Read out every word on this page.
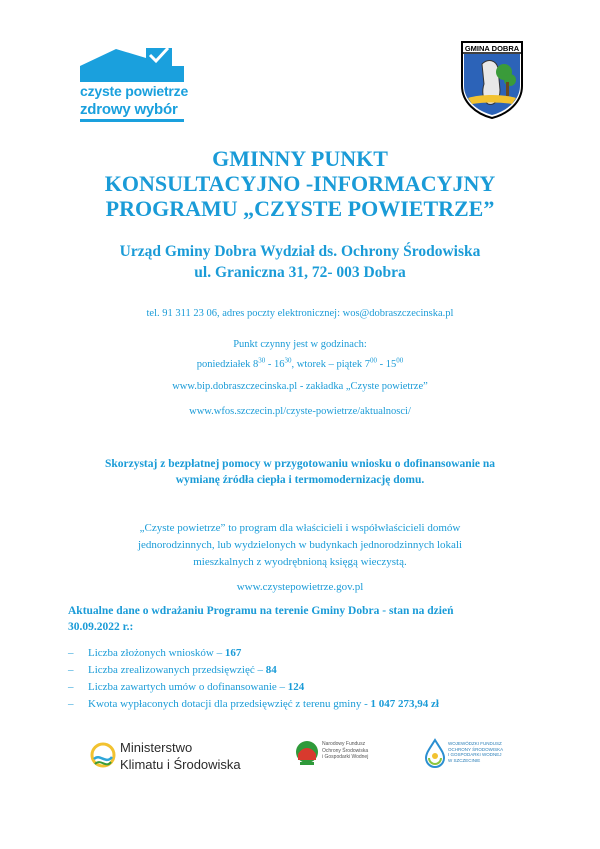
czyste powietrze
zdrowy wybór
GMINA DOBRA
GMINNY PUNKT
KONSULTACYJNO -INFORMACYJNY
PROGRAMU „CZYSTE POWIETRZE”
Urząd Gminy Dobra Wydział ds. Ochrony Środowiska
ul. Graniczna 31, 72- 003 Dobra
tel. 91 311 23 06, adres poczty elektronicznej: wos@dobraszczecinska.pl
Punkt czynny jest w godzinach:
poniedziałek $8^{30} - 16^{30}$, wtorek – piątek $7^{00} - 15^{00}$
www.bip.dobraszczecinska.pl - zakładka „Czyste powietrze”
www.wfos.szczecin.pl/czyste-powietrze/aktualnosci/
Skorzystaj z bezpłatnej pomocy w przygotowaniu wniosku o dofinansowanie na
wymianę źródła ciepła i termomodernizację domu.
„Czyste powietrze” to program dla właścicieli i współwłaścicieli domów
jednorodzinnych, lub wydzielonych w budynkach jednorodzinnych lokali
mieszkalnych z wyodrębnioną księgą wieczystą.
www.czystepowietrze.gov.pl
Aktualne dane o wdrażaniu Programu na terenie Gminy Dobra - stan na dzień
30.09.2022 r.:
– Liczba złożonych wniosków – 167
– Liczba zrealizowanych przedsięwzięć – 84
– Liczba zawartych umów o dofinansowanie – 124
– Kwota wypłaconych dotacji dla przedsięwzięć z terenu gminy - 1 047 273,94 zł
Ministerstwo
Klimatu i Środowiska
Narodowy Fundusz
Ochrony Środowiska
i Gospodarki Wodnej
WOJEWÓDZKI FUNDUSZ
OCHRONY ŚRODOWISKA
I GOSPODARKI WODNEJ
W SZCZECINIE
